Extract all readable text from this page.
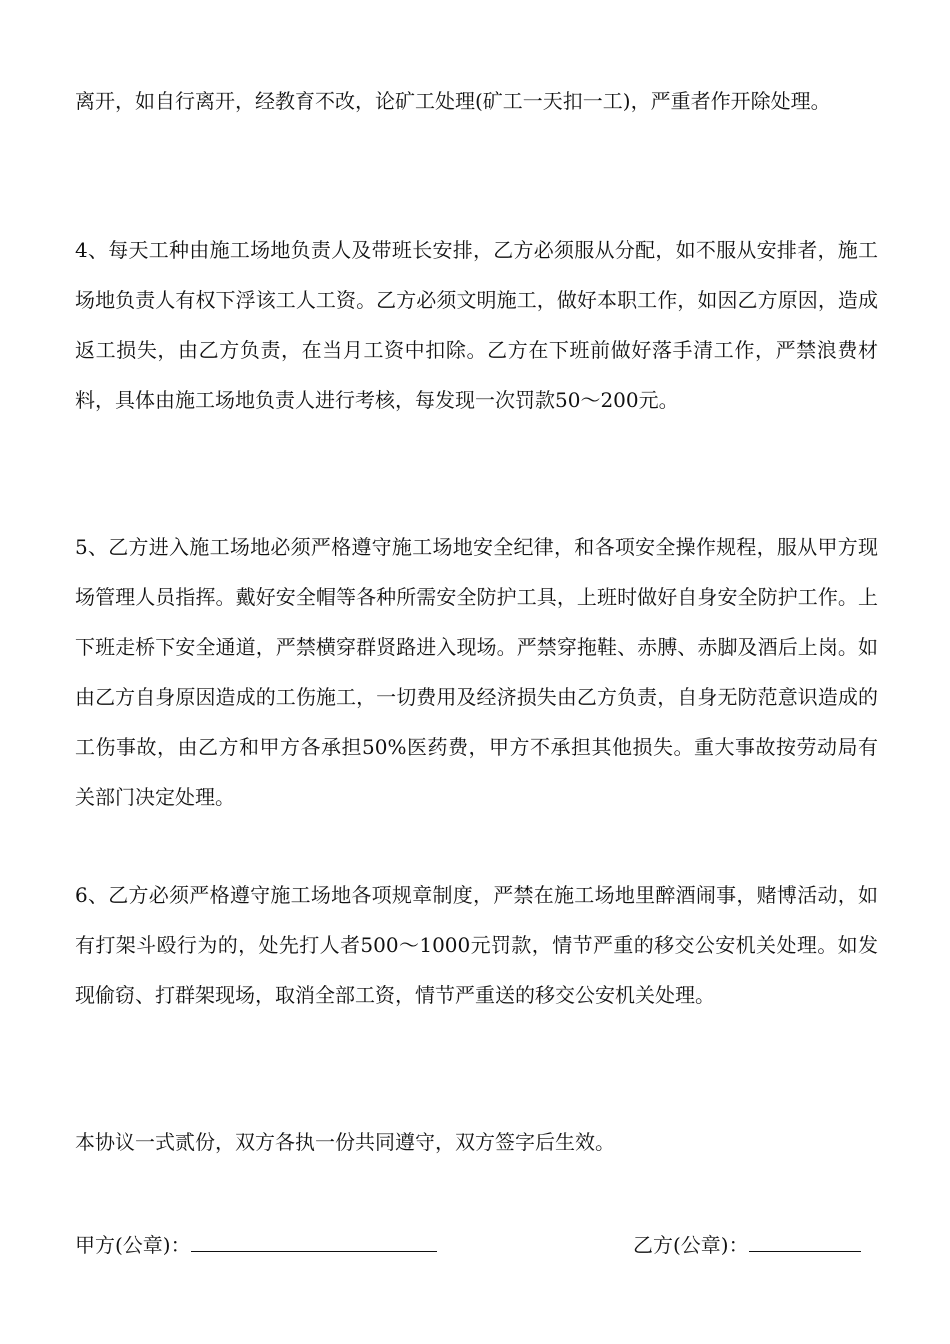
离开，如自行离开，经教育不改，论矿工处理(矿工一天扣一工)，严重者作开除处理。

4、每天工种由施工场地负责人及带班长安排，乙方必须服从分配，如不服从安排者，施工场地负责人有权下浮该工人工资。乙方必须文明施工，做好本职工作，如因乙方原因，造成返工损失，由乙方负责，在当月工资中扣除。乙方在下班前做好落手清工作，严禁浪费材料，具体由施工场地负责人进行考核，每发现一次罚款50～200元。

5、乙方进入施工场地必须严格遵守施工场地安全纪律，和各项安全操作规程，服从甲方现场管理人员指挥。戴好安全帽等各种所需安全防护工具，上班时做好自身安全防护工作。上下班走桥下安全通道，严禁横穿群贤路进入现场。严禁穿拖鞋、赤膊、赤脚及酒后上岗。如由乙方自身原因造成的工伤施工，一切费用及经济损失由乙方负责，自身无防范意识造成的工伤事故，由乙方和甲方各承担50%医药费，甲方不承担其他损失。重大事故按劳动局有关部门决定处理。

6、乙方必须严格遵守施工场地各项规章制度，严禁在施工场地里醉酒闹事，赌博活动，如有打架斗殴行为的，处先打人者500～1000元罚款，情节严重的移交公安机关处理。如发现偷窃、打群架现场，取消全部工资，情节严重送的移交公安机关处理。

本协议一式贰份，双方各执一份共同遵守，双方签字后生效。

甲方(公章)：	乙方(公章)：
